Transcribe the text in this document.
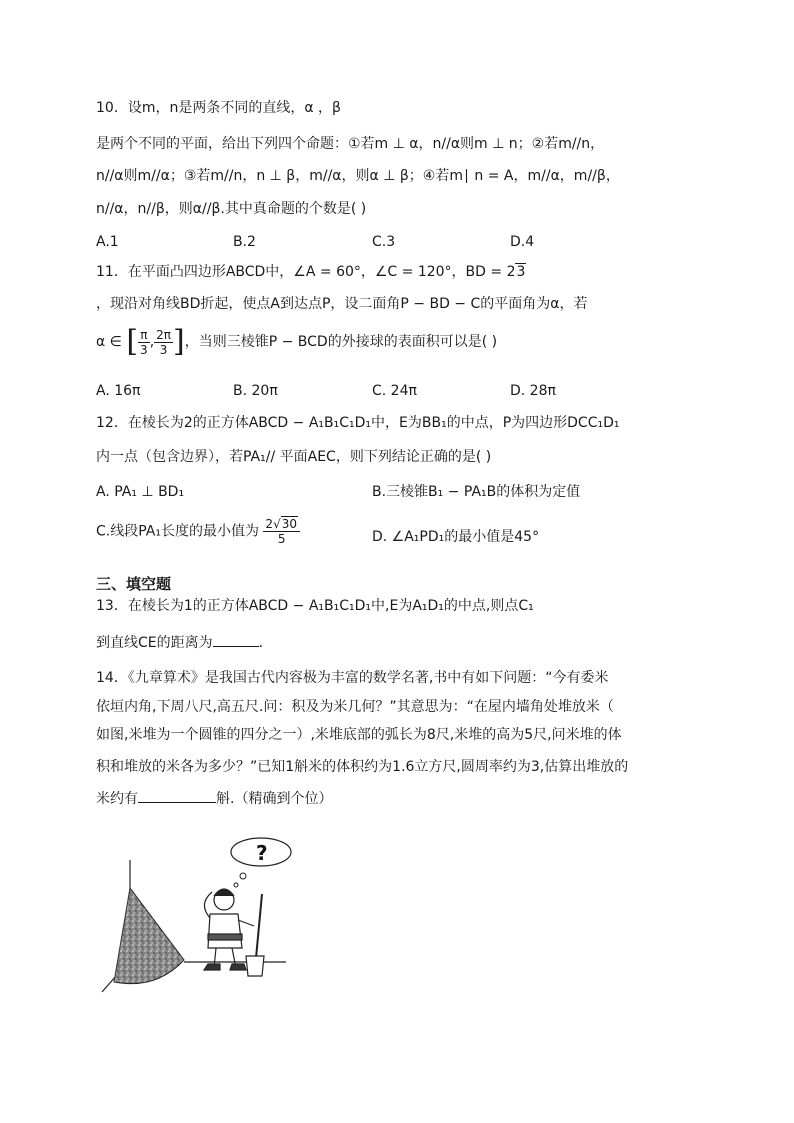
10．设m，n是两条不同的直线，α ，β
是两个不同的平面，给出下列四个命题：①若m ⊥ α，n//α则m ⊥ n；②若m//n，
n//α则m//α；③若m//n，n ⊥ β，m//α，则α ⊥ β；④若m∣ n = A，m//α，m//β，
n//α，n//β，则α//β.其中真命题的个数是( )
A.1	B.2	C.3	D.4
11．在平面凸四边形ABCD中，∠A = 60°，∠C = 120°，BD = 23
，现沿对角线BD折起，使点A到达点P，设二面角P − BD − C的平面角为α，若
α ∈ [ $\frac{\pi}{3}$ , $\frac{2\pi}{3}$ ]，当则三棱锥P − BCD的外接球的表面积可以是( )
A. 16π	B. 20π	C. 24π	D. 28π
12．在棱长为2的正方体ABCD − A₁B₁C₁D₁中，E为BB₁的中点，P为四边形DCC₁D₁
内一点（包含边界），若PA₁// 平面AEC，则下列结论正确的是( )
A. PA₁ ⊥ BD₁	B.三棱锥B₁ − PA₁B的体积为定值
C.线段PA₁长度的最小值为 $\frac{2√30}{5}$	D. ∠A₁PD₁的最小值是45°
三、填空题
13．在棱长为1的正方体ABCD − A₁B₁C₁D₁中,E为A₁D₁的中点,则点C₁
到直线CE的距离为	.
14．《九章算术》是我国古代内容极为丰富的数学名著,书中有如下问题：“今有委米
依垣内角,下周八尺,高五尺.问：积及为米几何？”其意思为：“在屋内墙角处堆放米（
如图,米堆为一个圆锥的四分之一）,米堆底部的弧长为8尺,米堆的高为5尺,问米堆的体
积和堆放的米各为多少？”已知1斛米的体积约为1.6立方尺,圆周率约为3,估算出堆放的
米约有	斛.（精确到个位）
?
